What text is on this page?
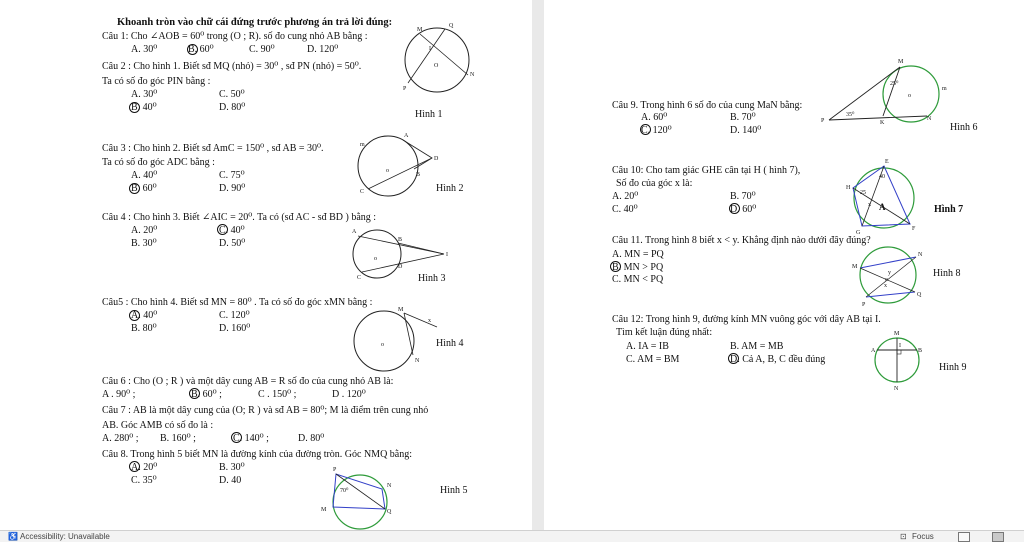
Khoanh tròn vào chữ cái đứng trước phương án trả lời đúng:
Câu 1: Cho ∠AOB = 60⁰ trong (O ; R). số đo cung nhỏ AB bằng :
A. 30⁰	B. 60⁰	C. 90⁰	D. 120⁰
Câu 2 : Cho hình 1. Biết sđ MQ (nhỏ) = 30⁰ , sđ PN (nhỏ) = 50⁰.
Ta có số đo góc PIN bằng :
A. 30⁰	C. 50⁰
B. 40⁰	D. 80⁰
Hình 1
Câu 3 : Cho hình 2. Biết sđ AmC = 150⁰ , sđ AB = 30⁰.
Ta có số đo góc ADC bằng :
A. 40⁰	C. 75⁰
B. 60⁰	D. 90⁰	Hình 2
Câu 4 : Cho hình 3. Biết ∠AIC = 20⁰. Ta có (sđ AC - sđ BD ) bằng :
A. 20⁰	C. 40⁰
B. 30⁰	D. 50⁰
Hình 3
Câu5 : Cho hình 4. Biết sđ MN = 80⁰ . Ta có số đo góc xMN bằng :
A. 40⁰	C. 120⁰
B. 80⁰	D. 160⁰
Hình 4
Câu 6 : Cho (O ; R ) và một dây cung AB = R số đo của cung nhỏ AB là:
A . 90⁰ ;	B. 60⁰ ;	C . 150⁰ ;	D . 120⁰
Câu 7 : AB là một dây cung của (O; R ) và sđ AB = 80⁰; M là điểm trên cung nhỏ
AB. Góc AMB có số đo là :
A. 280⁰ ; B. 160⁰ ;	C. 140⁰ ;	D. 80⁰
Câu 8. Trong hình 5 biết MN là đường kính của đường tròn. Góc NMQ bằng:
A. 20⁰	B. 30⁰
C. 35⁰	D. 40
Hình 5
M
Q
I
O
P
N
A
D
B
C
m
o
A
B
C
D
I
o
x
M
N
o
P
N
M	Q
70⁰
Câu 9. Trong hình 6 số đo của cung MaN bằng:
A. 60⁰	B. 70⁰
C. 120⁰	D. 140⁰	Hình 6
Câu 10: Cho tam giác GHE cân tại H ( hình 7),
Số đo của góc x là:
A. 20⁰	B. 70⁰
C. 40⁰	D. 60⁰	Hình 7
Câu 11. Trong hình 8 biết x < y. Khẳng định nào dưới đây đúng?
A. MN = PQ
B. MN > PQ
C. MN < PQ
Hình 8
Câu 12: Trong hình 9, đường kính MN vuông góc với dây AB tại I.
Tìm kết luận đúng nhất:
A. IA = IB	B. AM = MB
C. AM = BM	D. Cả A, B, C đều đúng
Hình 9
M
m
P	K
N
25⁰
35⁰
o
E
H
G
F
40
25
A
x
N
M
x
y
P
Q
o
M
A	B
I
N
♿ Accessibility: Unavailable	⊡ Focus
